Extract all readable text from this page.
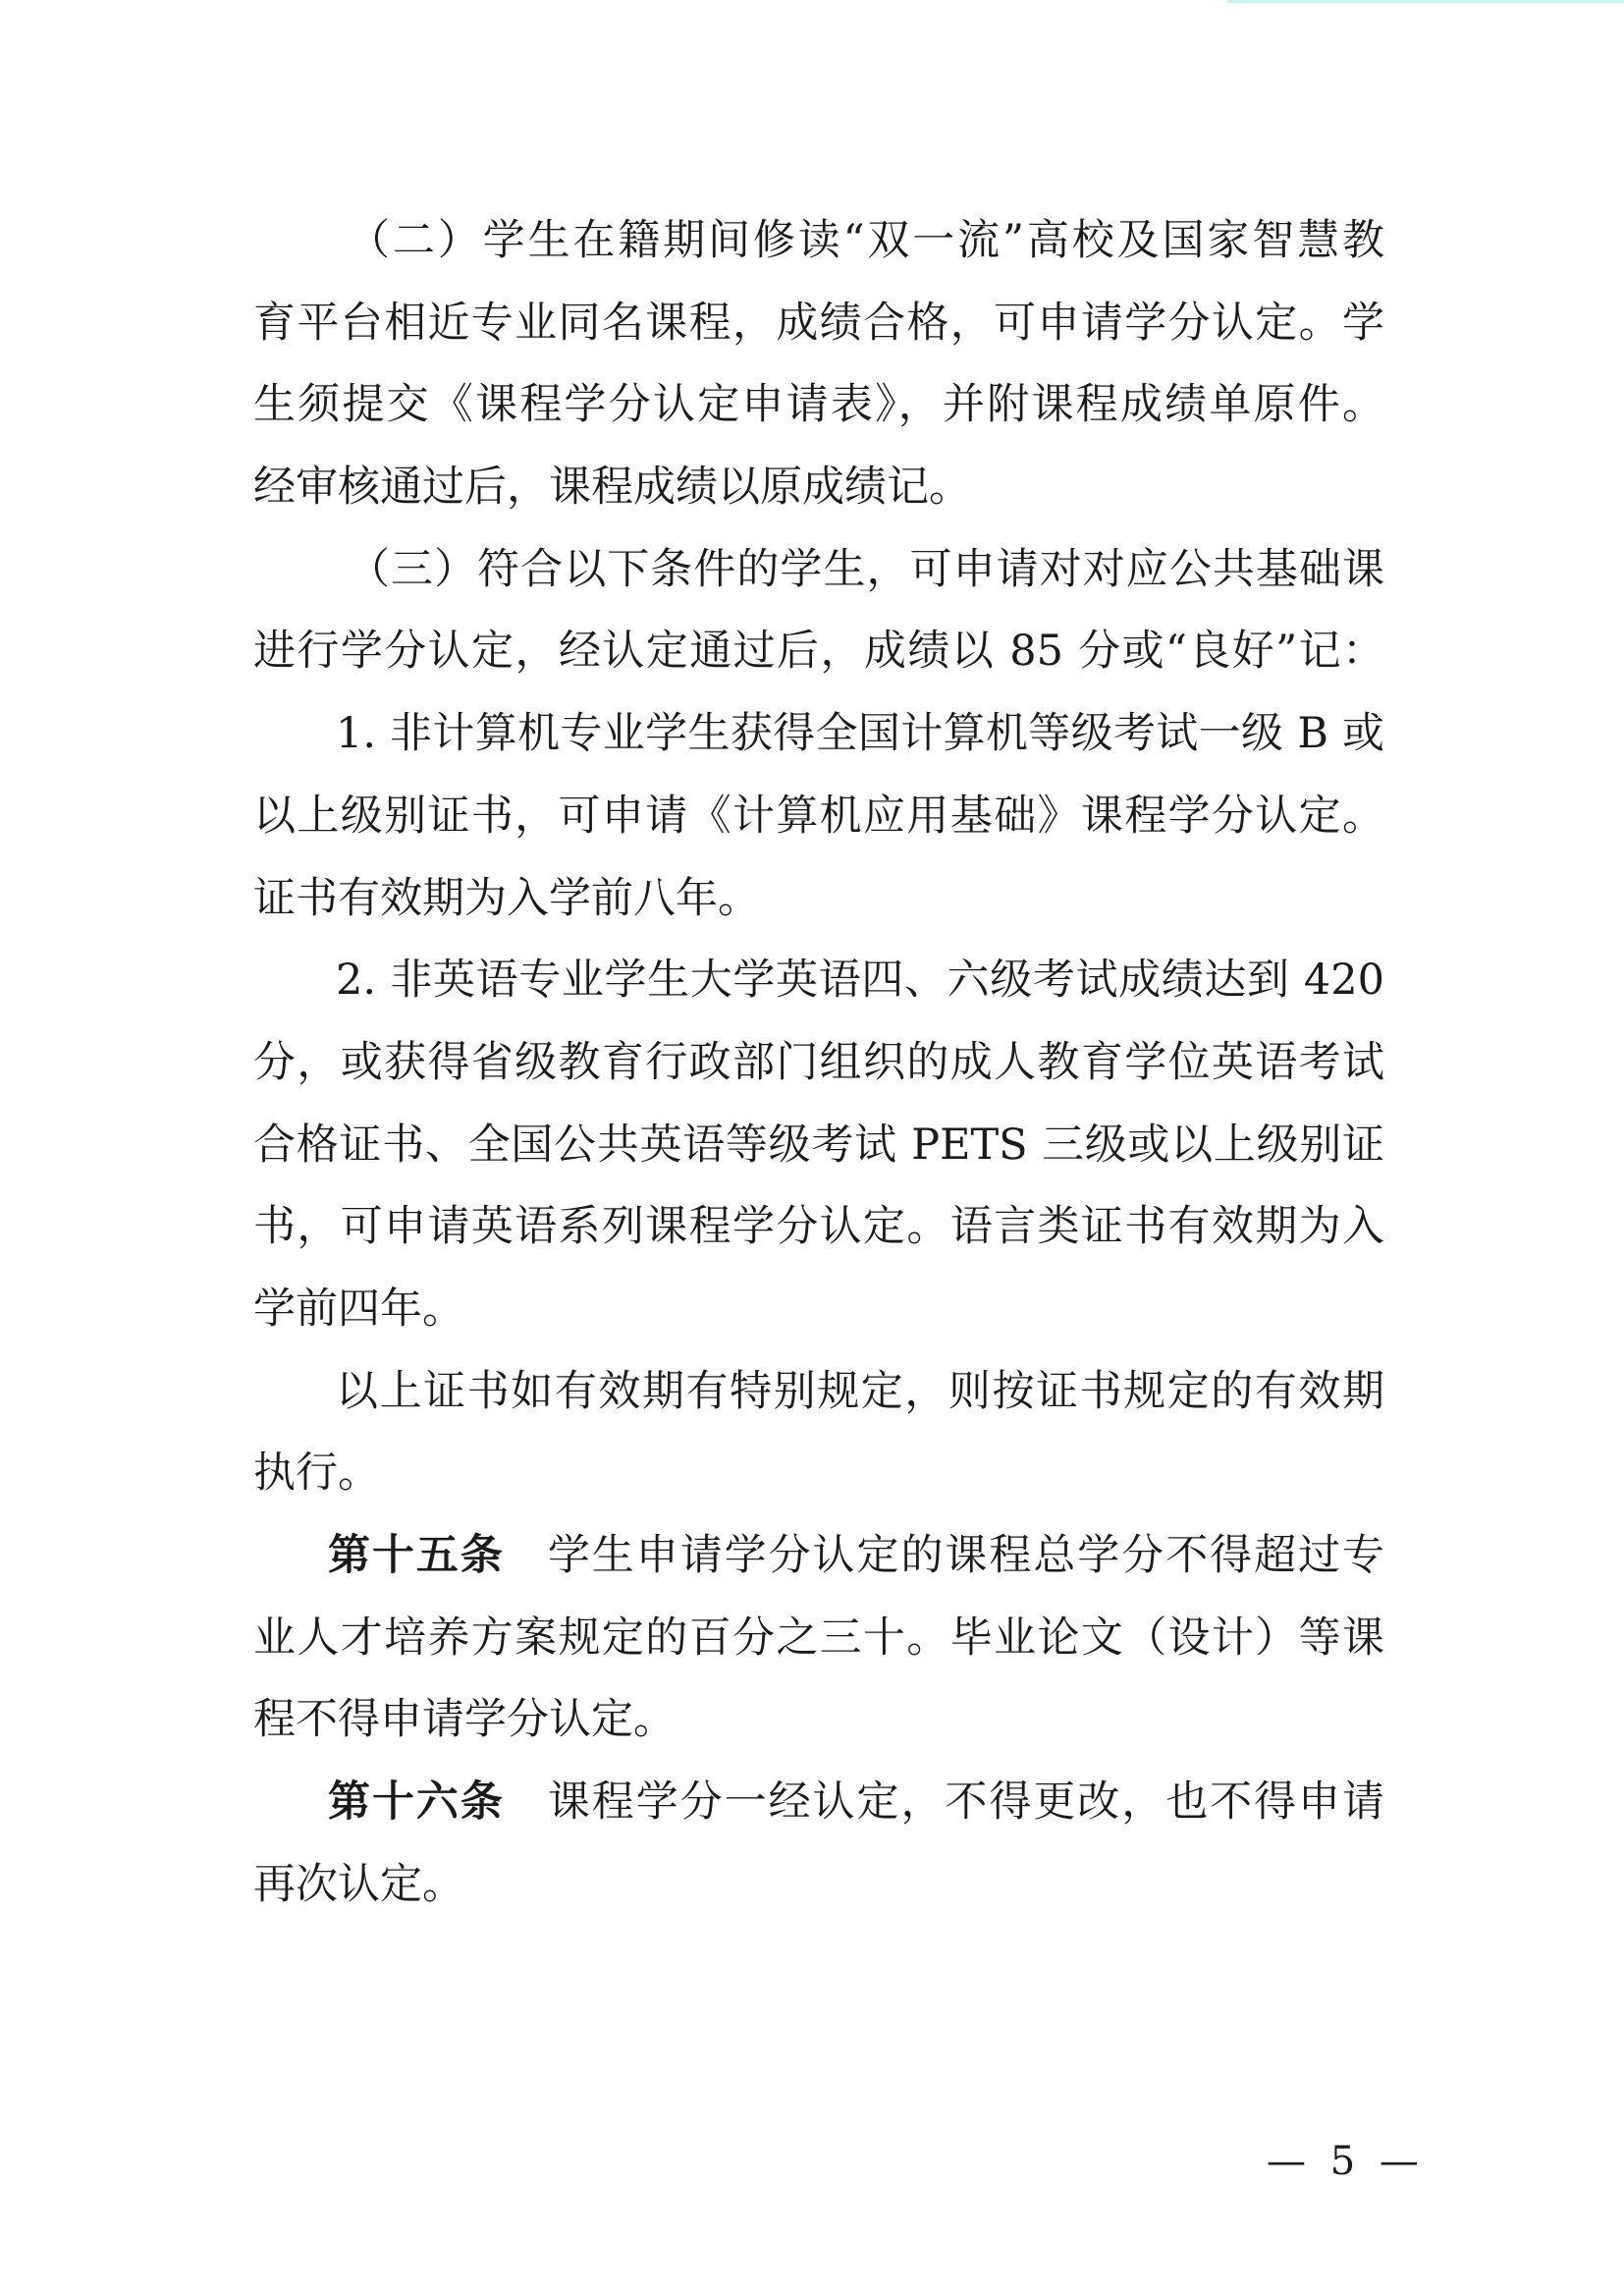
（二）学生在籍期间修读“双一流”高校及国家智慧教
育平台相近专业同名课程，成绩合格，可申请学分认定。学
生须提交《课程学分认定申请表》，并附课程成绩单原件。
经审核通过后，课程成绩以原成绩记。
（三）符合以下条件的学生，可申请对对应公共基础课
进行学分认定，经认定通过后，成绩以 85 分或“良好”记：
1. 非计算机专业学生获得全国计算机等级考试一级 B 或
以上级别证书，可申请《计算机应用基础》课程学分认定。
证书有效期为入学前八年。
2. 非英语专业学生大学英语四、六级考试成绩达到 420
分，或获得省级教育行政部门组织的成人教育学位英语考试
合格证书、全国公共英语等级考试 PETS 三级或以上级别证
书，可申请英语系列课程学分认定。语言类证书有效期为入
学前四年。
以上证书如有效期有特别规定，则按证书规定的有效期
执行。
第十五条 学生申请学分认定的课程总学分不得超过专
业人才培养方案规定的百分之三十。毕业论文（设计）等课
程不得申请学分认定。
第十六条 课程学分一经认定，不得更改，也不得申请
再次认定。
— 5 —
